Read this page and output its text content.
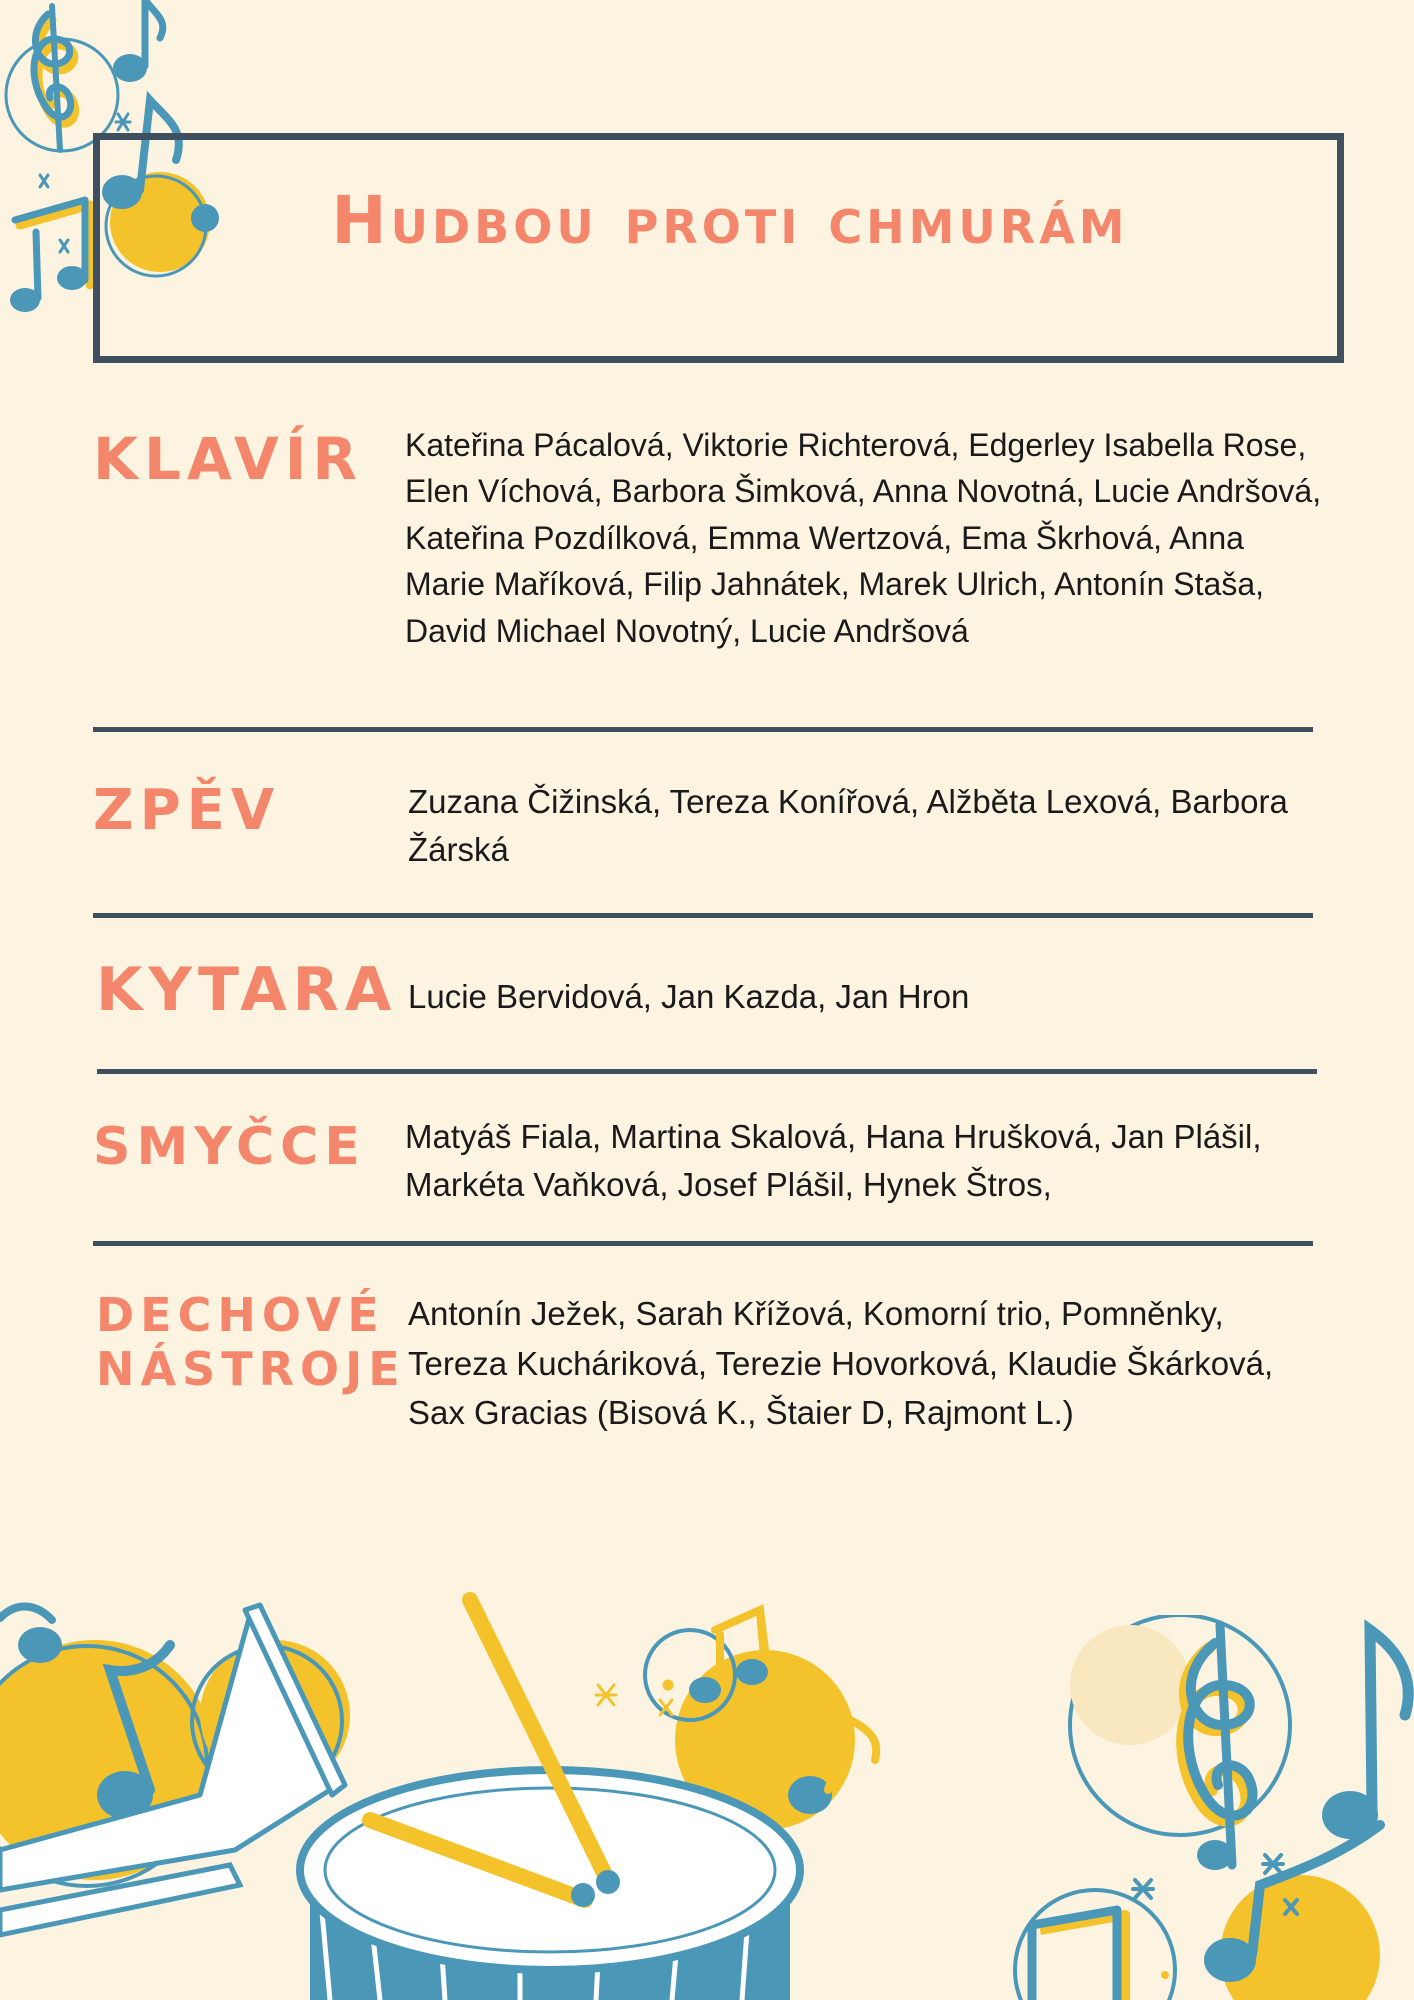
Hudbou proti chmurám
KLAVÍR Kateřina Pácalová, Viktorie Richterová, Edgerley Isabella Rose, Elen Víchová, Barbora Šimková, Anna Novotná, Lucie Andršová, Kateřina Pozdílková, Emma Wertzová, Ema Škrhová, Anna Marie Maříková, Filip Jahnátek, Marek Ulrich, Antonín Staša, David Michael Novotný, Lucie Andršová

ZPĚV	Zuzana Čižinská, Tereza Konířová, Alžběta Lexová, Barbora Žárská

KYTARA Lucie Bervidová, Jan Kazda, Jan Hron

SMYČCE Matyáš Fiala, Martina Skalová, Hana Hrušková, Jan Plášil, Markéta Vaňková, Josef Plášil, Hynek Štros,

DECHOVÉ NÁSTROJE

Antonín Ježek, Sarah Křížová, Komorní trio, Pomněnky, Tereza Kucháriková, Terezie Hovorková, Klaudie Škárková, Sax Gracias (Bisová K., Štaier D, Rajmont L.)
